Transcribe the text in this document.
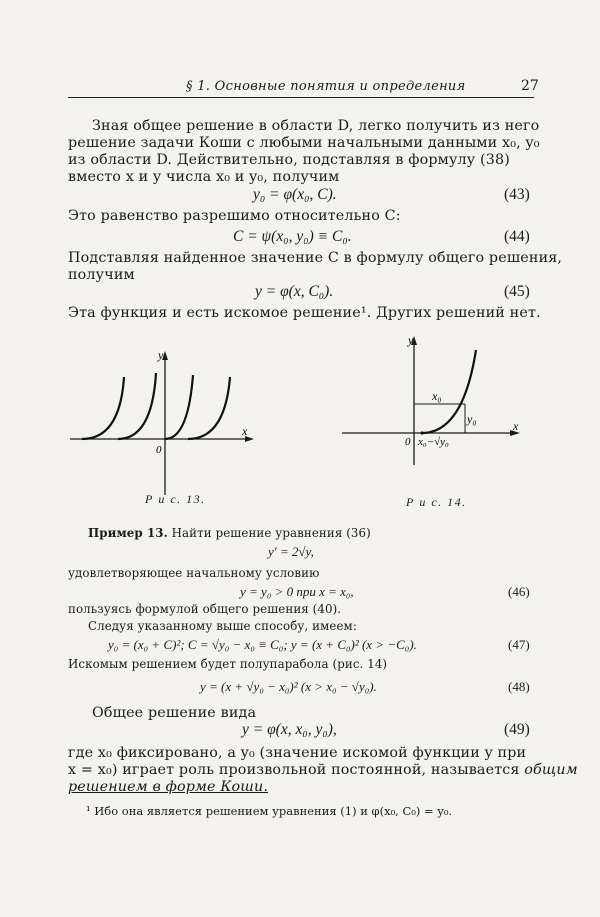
§ 1. Основные понятия и определения	27
Зная общее решение в области D, легко получить из него
решение задачи Коши с любыми начальными данными x₀, y₀
из области D. Действительно, подставляя в формулу (38)
вместо x и y числа x₀ и y₀, получим
y₀ = φ(x₀, C).	(43)
Это равенство разрешимо относительно C:
C = ψ(x₀, y₀) ≡ C₀.	(44)
Подставляя найденное значение C в формулу общего решения,
получим
y = φ(x, C₀).	(45)
Эта функция и есть искомое решение¹. Других решений нет.
y
x
0
y
x
0
x₀
y₀
x₀−√y₀
Р и с. 13.	Р и с. 14.
Пример 13. Найти решение уравнения (36)
y′ = 2√y,
удовлетворяющее начальному условию
y = y₀ > 0 при x = x₀,	(46)
пользуясь формулой общего решения (40).
Следуя указанному выше способу, имеем:
y₀ = (x₀ + C)²; C = √y₀ − x₀ ≡ C₀; y = (x + C₀)² (x > −C₀).	(47)
Искомым решением будет полупарабола (рис. 14)
y = (x + √y₀ − x₀)² (x > x₀ − √y₀).	(48)
Общее решение вида
y = φ(x, x₀, y₀),	(49)
где x₀ фиксировано, а y₀ (значение искомой функции y при
x = x₀) играет роль произвольной постоянной, называется общим
решением в форме Коши.
¹ Ибо она является решением уравнения (1) и φ(x₀, C₀) = y₀.
